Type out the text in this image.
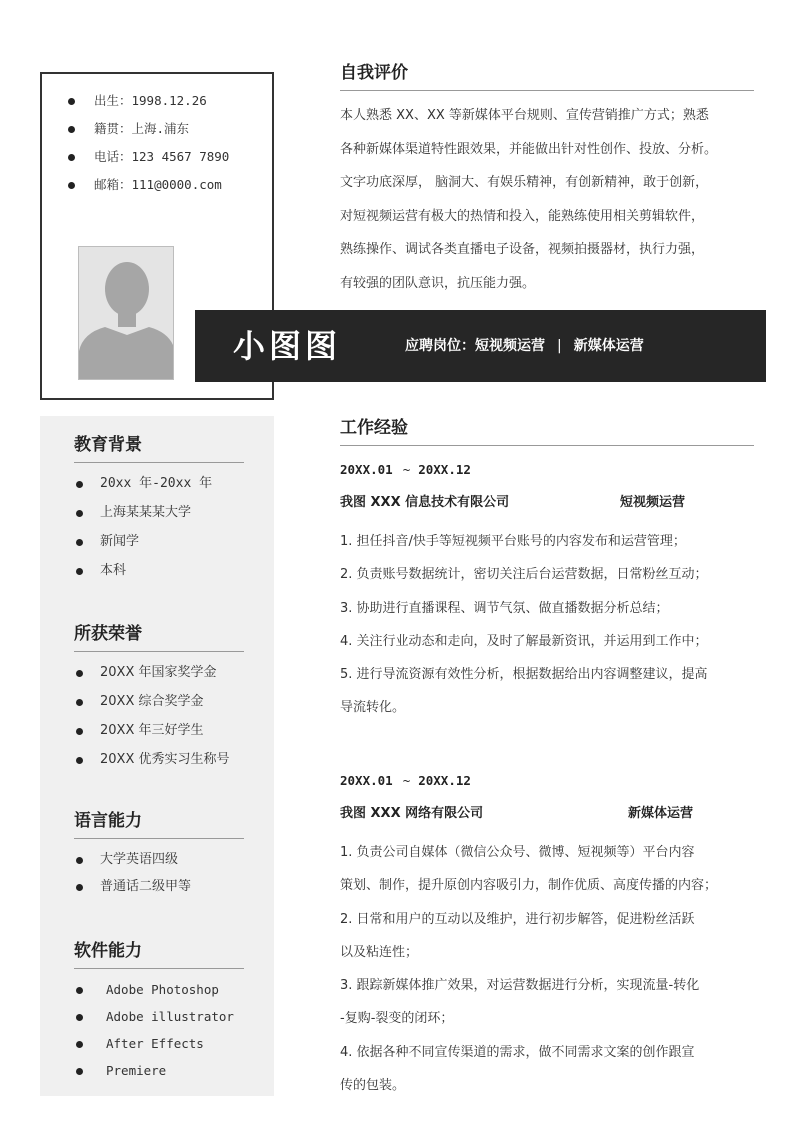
出生：1998.12.26
籍贯：上海.浦东
电话：123 4567 7890
邮箱：111@0000.com
教育背景
20xx 年-20xx 年
上海某某某大学
新闻学
本科
所获荣誉
20XX 年国家奖学金
20XX 综合奖学金
20XX 年三好学生
20XX 优秀实习生称号
语言能力
大学英语四级
普通话二级甲等
软件能力
Adobe Photoshop
Adobe illustrator
After Effects
Premiere
自我评价
本人熟悉 XX、XX 等新媒体平台规则、宣传营销推广方式；熟悉
各种新媒体渠道特性跟效果，并能做出针对性创作、投放、分析。
文字功底深厚， 脑洞大、有娱乐精神，有创新精神，敢于创新，
对短视频运营有极大的热情和投入，能熟练使用相关剪辑软件，
熟练操作、调试各类直播电子设备，视频拍摄器材，执行力强，
有较强的团队意识，抗压能力强。
小图图	应聘岗位：短视频运营 | 新媒体运营
工作经验
20XX.01 ~ 20XX.12
我图 XXX 信息技术有限公司	短视频运营
1. 担任抖音/快手等短视频平台账号的内容发布和运营管理；
2. 负责账号数据统计，密切关注后台运营数据，日常粉丝互动；
3. 协助进行直播课程、调节气氛、做直播数据分析总结；
4. 关注行业动态和走向，及时了解最新资讯，并运用到工作中；
5. 进行导流资源有效性分析，根据数据给出内容调整建议，提高
导流转化。
20XX.01 ~ 20XX.12
我图 XXX 网络有限公司	新媒体运营
1. 负责公司自媒体（微信公众号、微博、短视频等）平台内容
策划、制作，提升原创内容吸引力，制作优质、高度传播的内容；
2. 日常和用户的互动以及维护，进行初步解答，促进粉丝活跃
以及粘连性；
3. 跟踪新媒体推广效果，对运营数据进行分析，实现流量-转化
-复购-裂变的闭环；
4. 依据各种不同宣传渠道的需求，做不同需求文案的创作跟宣
传的包装。
